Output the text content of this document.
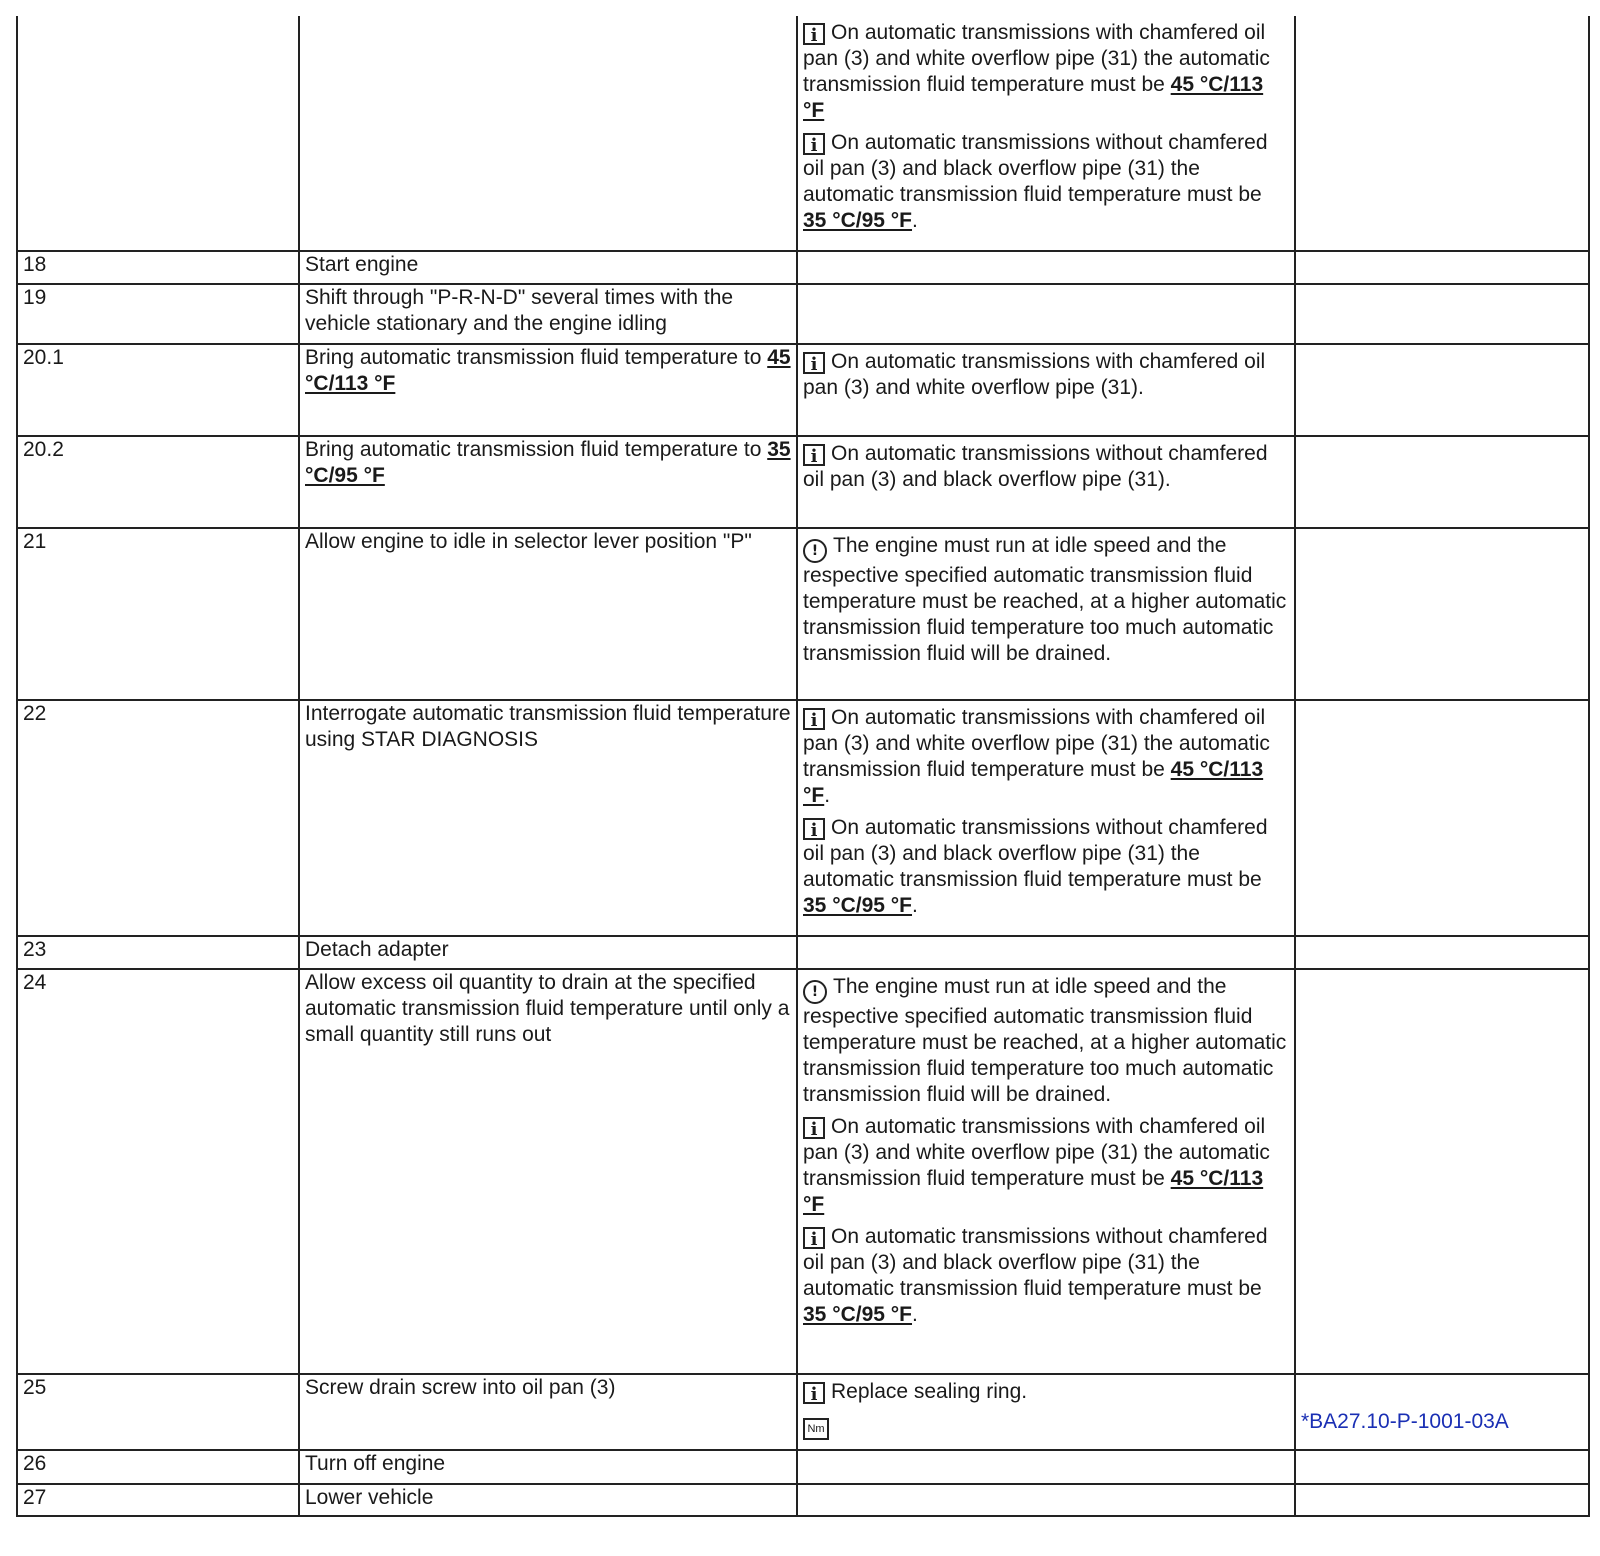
		i On automatic transmissions with chamfered oil pan (3) and white overflow pipe (31) the automatic transmission fluid temperature must be 45 °C/113 °F
i On automatic transmissions without chamfered oil pan (3) and black overflow pipe (31) the automatic transmission fluid temperature must be 35 °C/95 °F.	

18	Start engine		
19	Shift through "P-R-N-D" several times with the vehicle stationary and the engine idling		
20.1	Bring automatic transmission fluid temperature to 45 °C/113 °F	i On automatic transmissions with chamfered oil pan (3) and white overflow pipe (31).	

20.2	Bring automatic transmission fluid temperature to 35 °C/95 °F	i On automatic transmissions without chamfered oil pan (3) and black overflow pipe (31).	

21	Allow engine to idle in selector lever position "P"	! The engine must run at idle speed and the respective specified automatic transmission fluid temperature must be reached, at a higher automatic transmission fluid temperature too much automatic transmission fluid will be drained.	

22	Interrogate automatic transmission fluid temperature using STAR DIAGNOSIS	i On automatic transmissions with chamfered oil pan (3) and white overflow pipe (31) the automatic transmission fluid temperature must be 45 °C/113 °F.
i On automatic transmissions without chamfered oil pan (3) and black overflow pipe (31) the automatic transmission fluid temperature must be 35 °C/95 °F.	

23	Detach adapter		
24	Allow excess oil quantity to drain at the specified automatic transmission fluid temperature until only a small quantity still runs out	! The engine must run at idle speed and the respective specified automatic transmission fluid temperature must be reached, at a higher automatic transmission fluid temperature too much automatic transmission fluid will be drained.
i On automatic transmissions with chamfered oil pan (3) and white overflow pipe (31) the automatic transmission fluid temperature must be 45 °C/113 °F
i On automatic transmissions without chamfered oil pan (3) and black overflow pipe (31) the automatic transmission fluid temperature must be 35 °C/95 °F.	

25	Screw drain screw into oil pan (3)	i Replace sealing ring.
Nm	*BA27.10-P-1001-03A

26	Turn off engine		
27	Lower vehicle		
